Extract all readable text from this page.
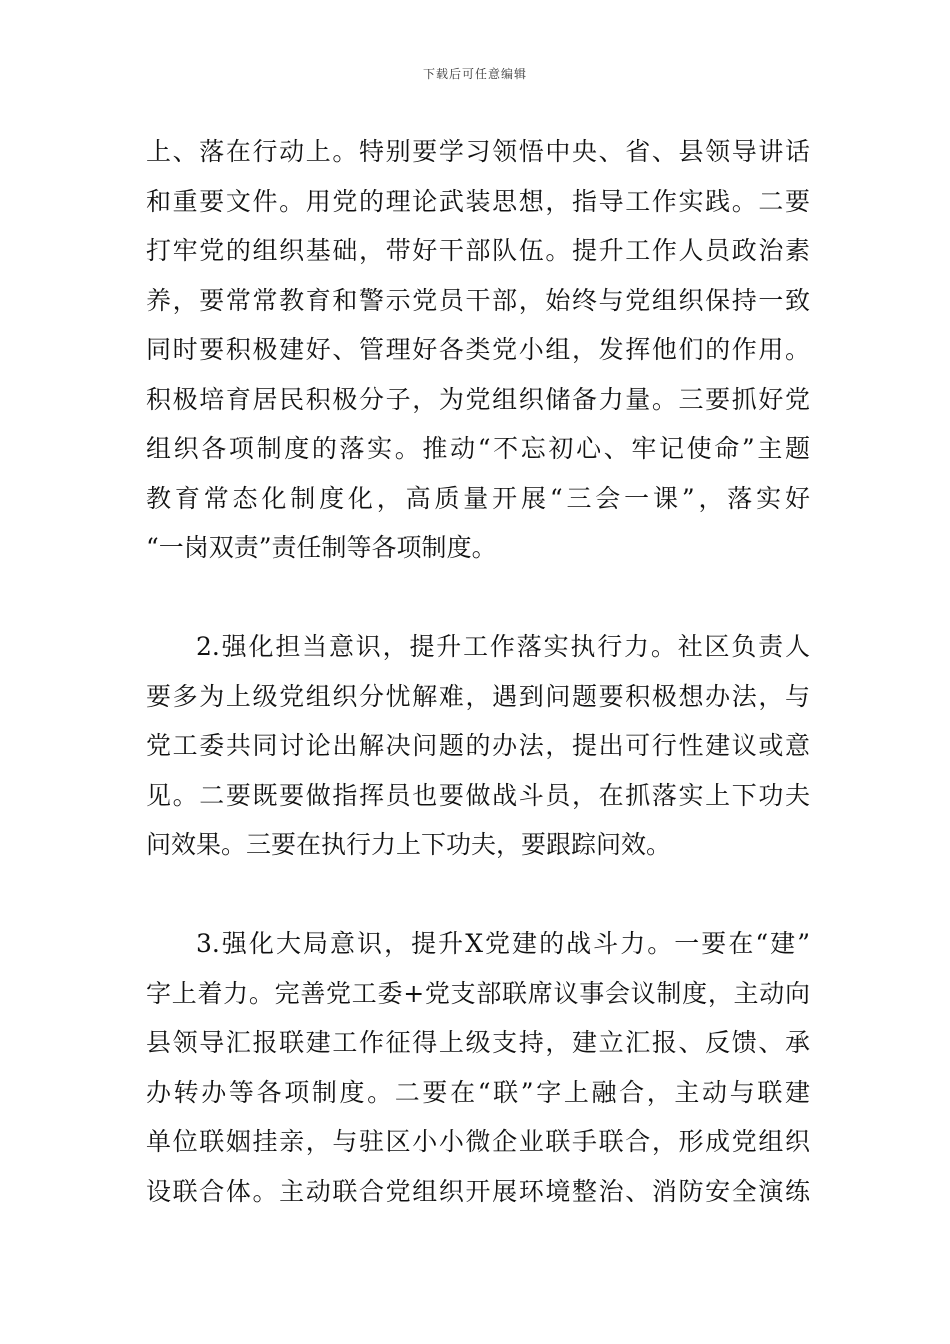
下载后可任意编辑
上、落在行动上。特别要学习领悟中央、省、县领导讲话
和重要文件。用党的理论武装思想，指导工作实践。二要
打牢党的组织基础，带好干部队伍。提升工作人员政治素
养，要常常教育和警示党员干部，始终与党组织保持一致
同时要积极建好、管理好各类党小组，发挥他们的作用。
积极培育居民积极分子，为党组织储备力量。三要抓好党
组织各项制度的落实。推动“不忘初心、牢记使命”主题
教育常态化制度化，高质量开展“三会一课”，落实好
“一岗双责”责任制等各项制度。
2.强化担当意识，提升工作落实执行力。社区负责人
要多为上级党组织分忧解难，遇到问题要积极想办法，与
党工委共同讨论出解决问题的办法，提出可行性建议或意
见。二要既要做指挥员也要做战斗员，在抓落实上下功夫
问效果。三要在执行力上下功夫，要跟踪问效。
3.强化大局意识，提升X党建的战斗力。一要在“建”
字上着力。完善党工委+党支部联席议事会议制度，主动向
县领导汇报联建工作征得上级支持，建立汇报、反馈、承
办转办等各项制度。二要在“联”字上融合，主动与联建
单位联姻挂亲，与驻区小小微企业联手联合，形成党组织
设联合体。主动联合党组织开展环境整治、消防安全演练
